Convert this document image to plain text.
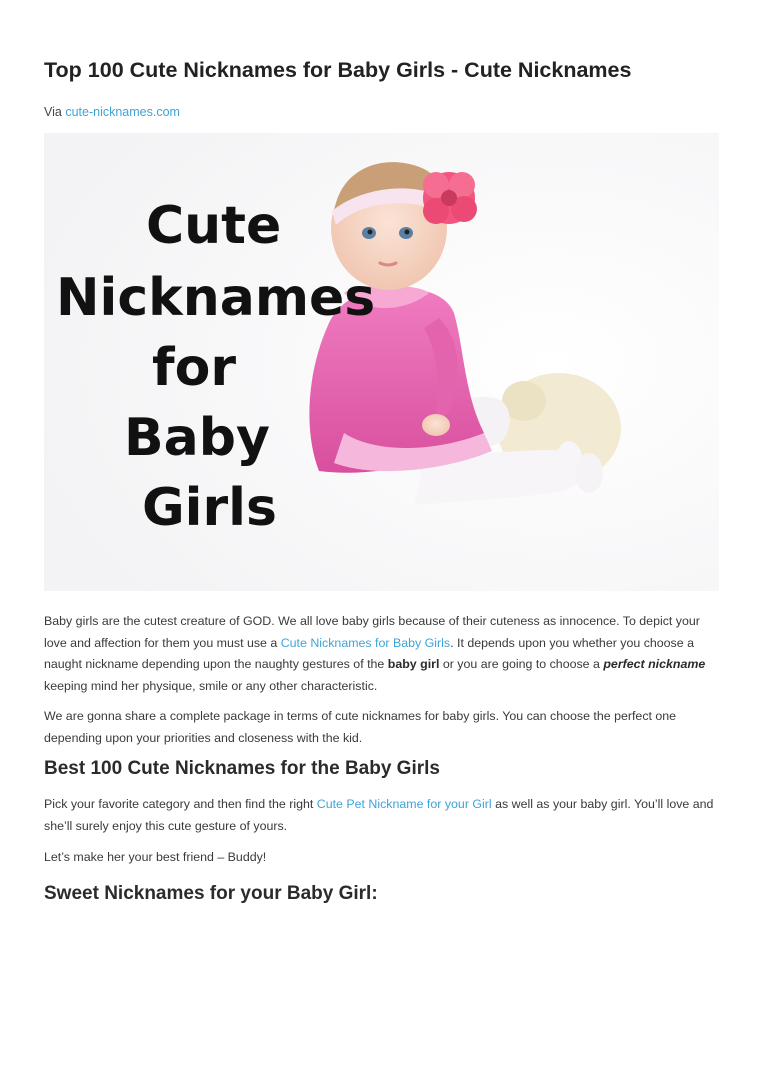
Top 100 Cute Nicknames for Baby Girls - Cute Nicknames
Via cute-nicknames.com
Cute
Nicknames
for
Baby
Girls

Baby girls are the cutest creature of GOD. We all love baby girls because of their cuteness as innocence. To depict your love and affection for them you must use a Cute Nicknames for Baby Girls. It depends upon you whether you choose a naught nickname depending upon the naughty gestures of the baby girl or you are going to choose a perfect nickname keeping mind her physique, smile or any other characteristic.

We are gonna share a complete package in terms of cute nicknames for baby girls. You can choose the perfect one depending upon your priorities and closeness with the kid.

Best 100 Cute Nicknames for the Baby Girls

Pick your favorite category and then find the right Cute Pet Nickname for your Girl as well as your baby girl. You’ll love and she’ll surely enjoy this cute gesture of yours.

Let’s make her your best friend – Buddy!

Sweet Nicknames for your Baby Girl:
